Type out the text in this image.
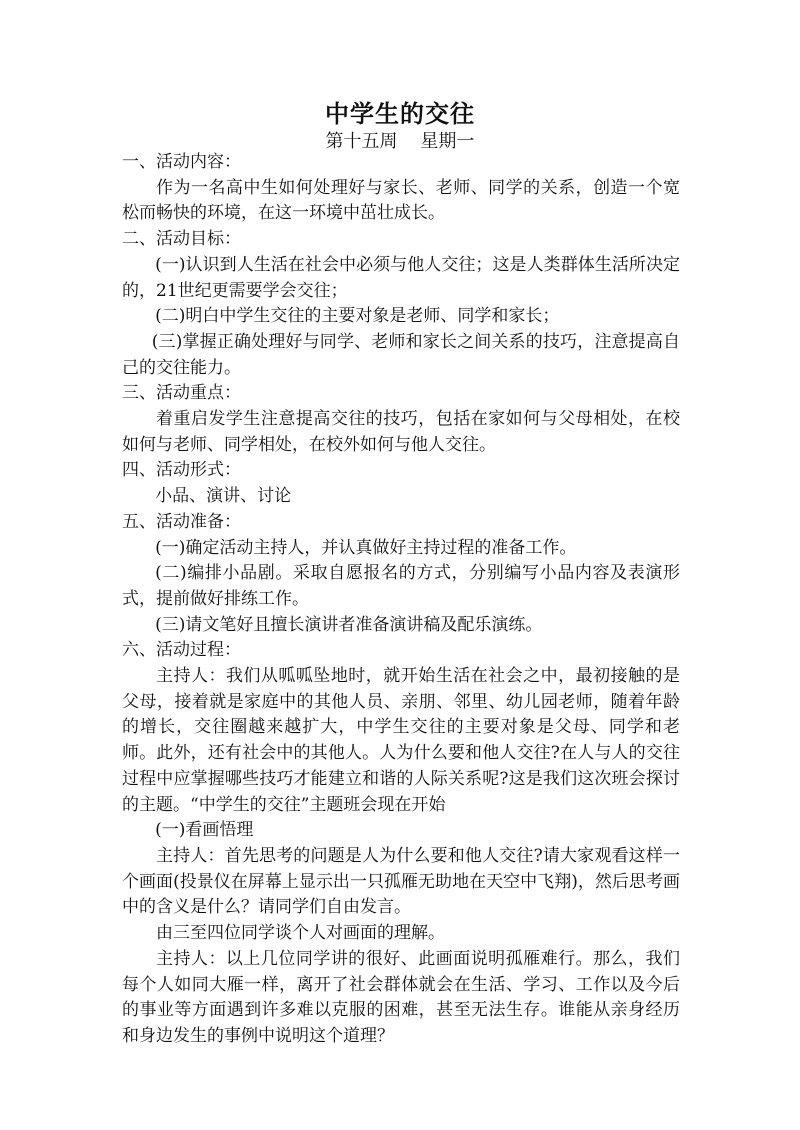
中学生的交往
第十五周    星期一

一、活动内容：

作为一名高中生如何处理好与家长、老师、同学的关系，创造一个宽松而畅快的环境，在这一环境中茁壮成长。

二、活动目标：

(一)认识到人生活在社会中必须与他人交往；这是人类群体生活所决定的，21世纪更需要学会交往；

(二)明白中学生交往的主要对象是老师、同学和家长；

(三)掌握正确处理好与同学、老师和家长之间关系的技巧，注意提高自己的交往能力。

三、活动重点：

着重启发学生注意提高交往的技巧，包括在家如何与父母相处，在校如何与老师、同学相处，在校外如何与他人交往。

四、活动形式：

小品、演讲、讨论

五、活动准备：

(一)确定活动主持人，并认真做好主持过程的准备工作。

(二)编排小品剧。采取自愿报名的方式，分别编写小品内容及表演形式，提前做好排练工作。

(三)请文笔好且擅长演讲者准备演讲稿及配乐演练。

六、活动过程：

主持人：我们从呱呱坠地时，就开始生活在社会之中，最初接触的是父母，接着就是家庭中的其他人员、亲朋、邻里、幼儿园老师，随着年龄的增长，交往圈越来越扩大，中学生交往的主要对象是父母、同学和老师。此外，还有社会中的其他人。人为什么要和他人交往?在人与人的交往过程中应掌握哪些技巧才能建立和谐的人际关系呢?这是我们这次班会探讨的主题。“中学生的交往”主题班会现在开始

(一)看画悟理

主持人：首先思考的问题是人为什么要和他人交往?请大家观看这样一个画面(投景仪在屏幕上显示出一只孤雁无助地在天空中飞翔)，然后思考画中的含义是什么？请同学们自由发言。

由三至四位同学谈个人对画面的理解。

主持人：以上几位同学讲的很好、此画面说明孤雁难行。那么，我们每个人如同大雁一样，离开了社会群体就会在生活、学习、工作以及今后的事业等方面遇到许多难以克服的困难，甚至无法生存。谁能从亲身经历和身边发生的事例中说明这个道理？
